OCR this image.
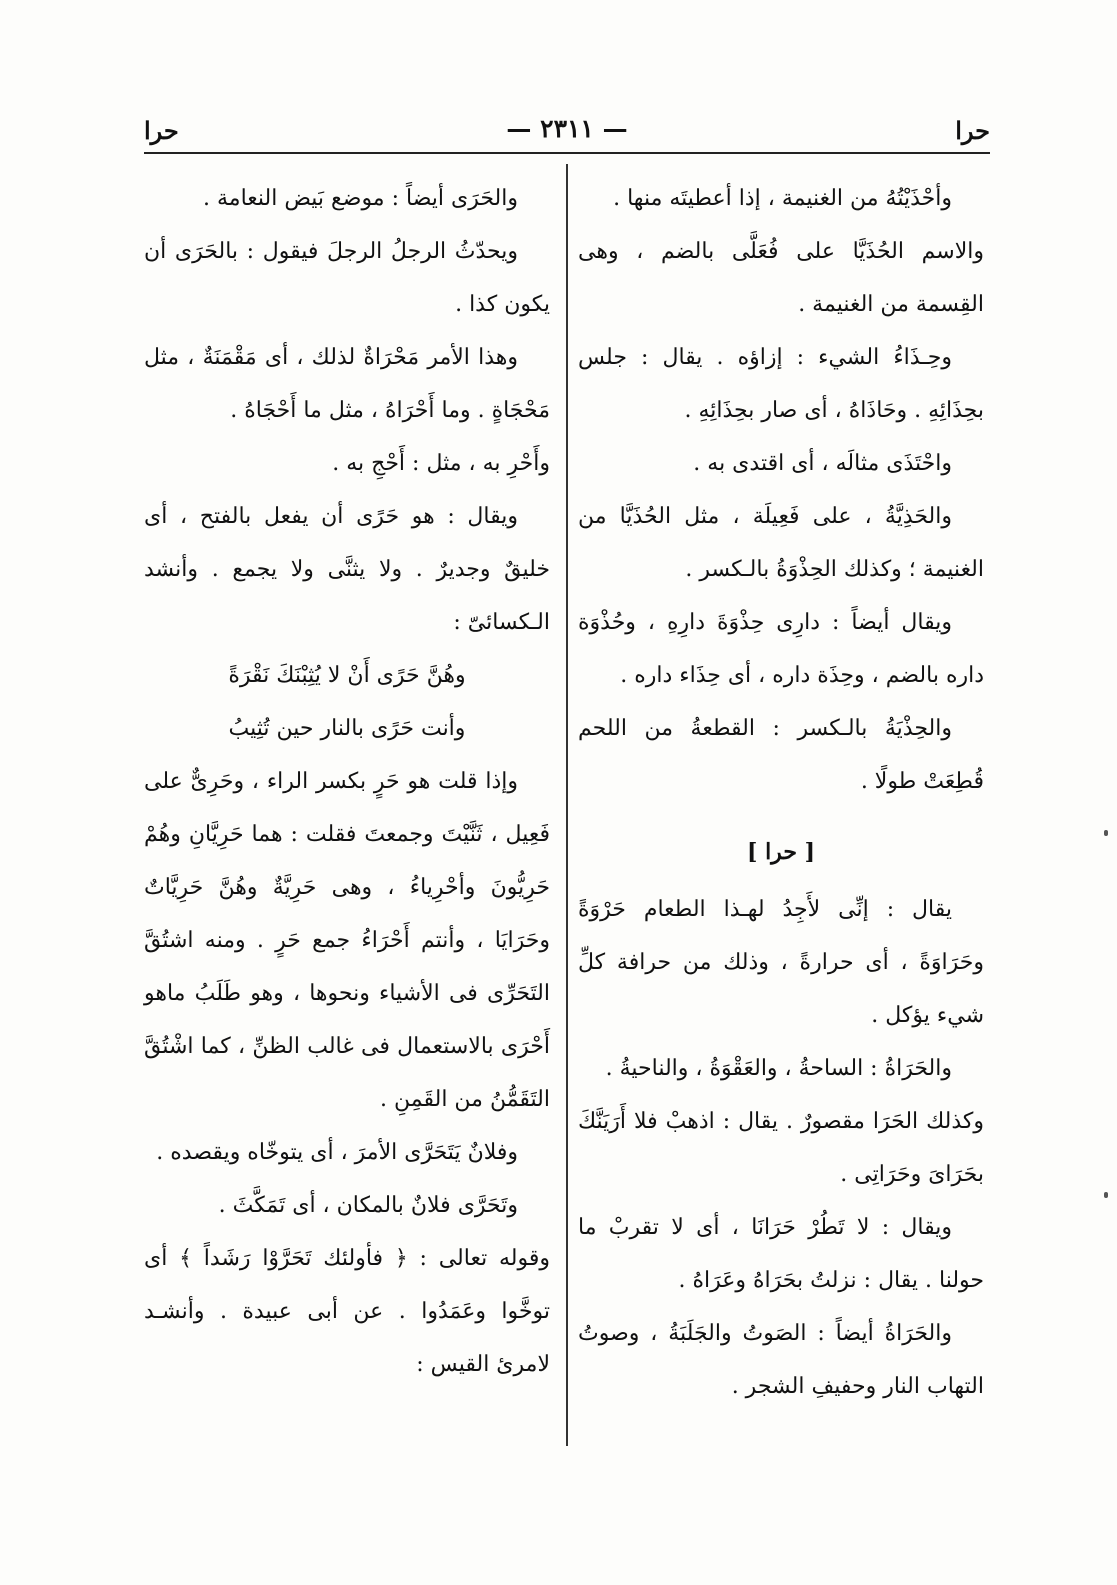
حرا
— ٢٣١١ —
حرا

وأحْذَيْتُهُ من الغنيمة ، إذا أعطيتَه منها .

والاسم الحُذَيَّا على فُعَلَّى بالضم ، وهى القِسمة من الغنيمة .

وحِـذَاءُ الشيء : إزاؤه . يقال : جلس بحِذَائِهِ . وحَاذَاهُ ، أى صار بحِذَائِهِ .

واحْتَذَى مثالَه ، أى اقتدى به .

والحَذِيَّةُ ، على فَعِيلَة ، مثل الحُذَيَّا من الغنيمة ؛ وكذلك الحِذْوَةُ بالـكسر .

ويقال أيضاً : دارِى حِذْوَةَ دارِهِ ، وحُذْوَة داره بالضم ، وحِذَة داره ، أى حِذَاء داره .

والحِذْيَةُ بالـكسر : القطعةُ من اللحم قُطِعَتْ طولًا .

[ حرا ]

يقال : إنِّى لأَجِدُ لهـذا الطعام حَرْوَةً وحَرَاوَةً ، أى حرارةً ، وذلك من حرافة كلِّ شيء يؤكل .

والحَرَاةُ : الساحةُ ، والعَقْوَةُ ، والناحيةُ .

وكذلك الحَرَا مقصورٌ . يقال : اذهبْ فلا أَرَيَنَّكَ بحَرَاىَ وحَرَاتِى .

ويقال : لا تَطُرْ حَرَانَا ، أى لا تقربْ ما حولنا . يقال : نزلتُ بحَرَاهُ وعَرَاهُ .

والحَرَاةُ أيضاً : الصَوتُ والجَلَبَةُ ، وصوتُ التهاب النار وحفيفِ الشجر .

والحَرَى أيضاً : موضع بَيض النعامة .

ويحدّثُ الرجلُ الرجلَ فيقول : بالحَرَى أن يكون كذا .

وهذا الأمر مَحْرَاةٌ لذلك ، أى مَقْمَنَةٌ ، مثل مَحْجَاةٍ . وما أَحْرَاهُ ، مثل ما أَحْجَاهُ .

وأَحْرِ به ، مثل : أَحْجِ به .

ويقال : هو حَرًى أن يفعل بالفتح ، أى خليقٌ وجديرٌ . ولا يثنَّى ولا يجمع . وأنشد الـكسائىّ :

وهُنَّ حَرًى أَنْ لا يُثِبْنَكَ نَقْرَةً

وأنت حَرًى بالنار حين تُثِيبُ

وإذا قلت هو حَرٍ بكسر الراء ، وحَرِىٌّ على فَعِيل ، ثَنَّيْتَ وجمعتَ فقلت : هما حَرِيَّانِ وهُمْ حَرِيُّونَ وأحْرِياءُ ، وهى حَرِيَّةٌ وهُنَّ حَرِيَّاتٌ وحَرَايَا ، وأنتم أَحْرَاءُ جمع حَرٍ . ومنه اشتُقَّ التَحَرِّى فى الأشياء ونحوها ، وهو طَلَبُ ماهو أَحْرَى بالاستعمال فى غالب الظنِّ ، كما اشْتُقَّ التَقَمُّنُ من القَمِنِ .

وفلانٌ يَتَحَرَّى الأمرَ ، أى يتوخّاه ويقصده .

وتَحَرَّى فلانٌ بالمكان ، أى تَمَكَّثَ .

وقوله تعالى : ﴿ فأولئك تَحَرَّوْا رَشَداً ﴾ أى توخَّوا وعَمَدُوا . عن أبى عبيدة . وأنشـد لامرئ القيس :
